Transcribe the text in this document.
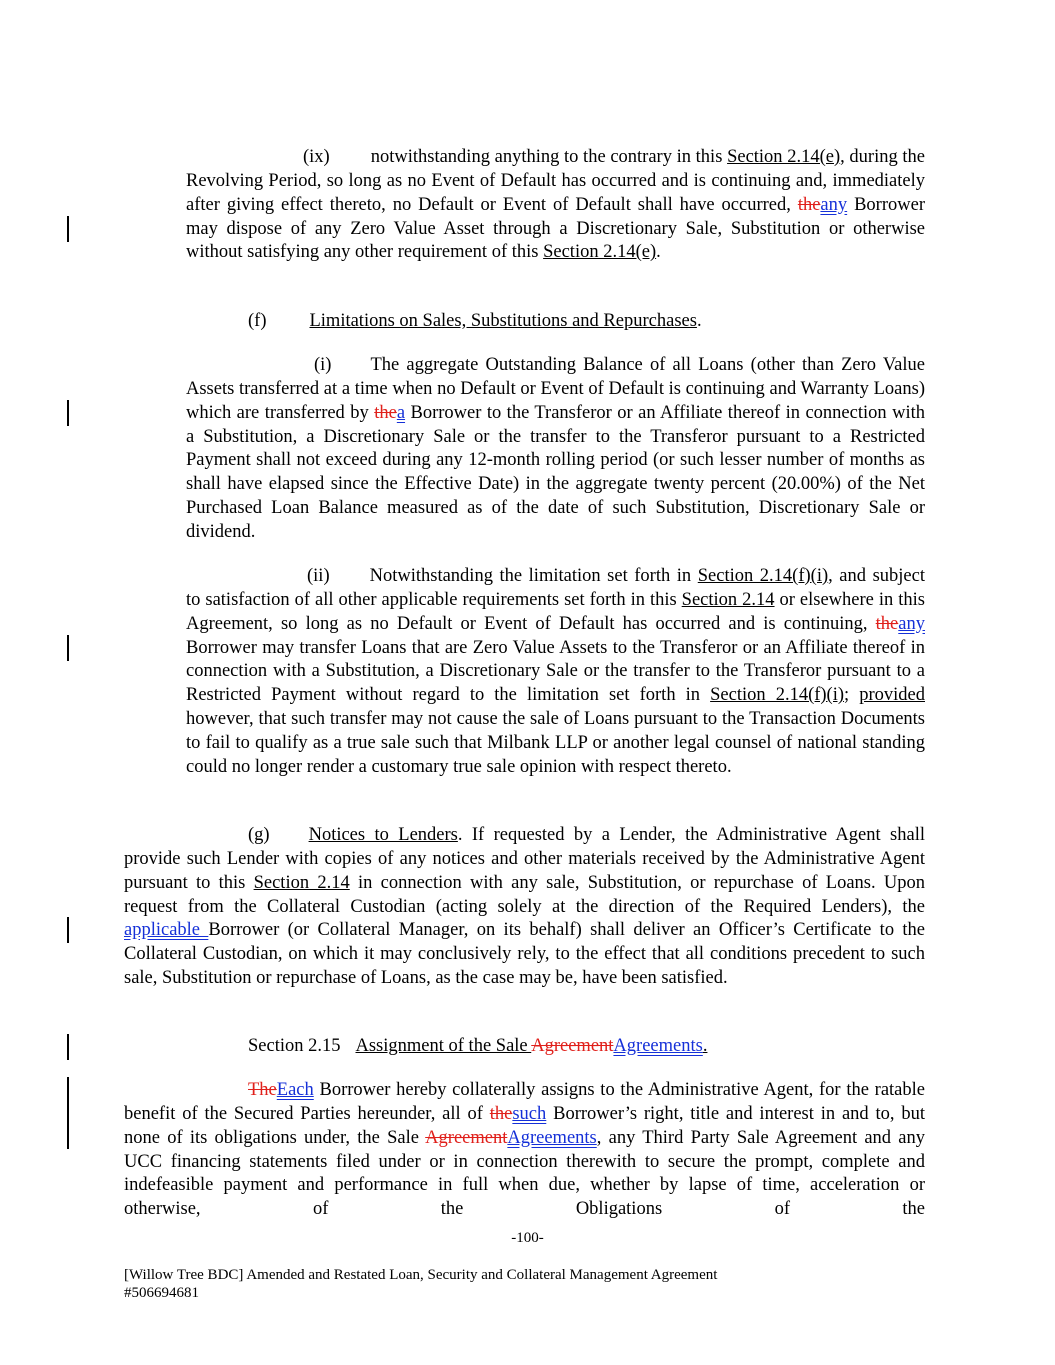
(ix) notwithstanding anything to the contrary in this Section 2.14(e), during the Revolving Period, so long as no Event of Default has occurred and is continuing and, immediately after giving effect thereto, no Default or Event of Default shall have occurred, theany Borrower may dispose of any Zero Value Asset through a Discretionary Sale, Substitution or otherwise without satisfying any other requirement of this Section 2.14(e).
(f) Limitations on Sales, Substitutions and Repurchases.
(i) The aggregate Outstanding Balance of all Loans (other than Zero Value Assets transferred at a time when no Default or Event of Default is continuing and Warranty Loans) which are transferred by thea Borrower to the Transferor or an Affiliate thereof in connection with a Substitution, a Discretionary Sale or the transfer to the Transferor pursuant to a Restricted Payment shall not exceed during any 12-month rolling period (or such lesser number of months as shall have elapsed since the Effective Date) in the aggregate twenty percent (20.00%) of the Net Purchased Loan Balance measured as of the date of such Substitution, Discretionary Sale or dividend.
(ii) Notwithstanding the limitation set forth in Section 2.14(f)(i), and subject to satisfaction of all other applicable requirements set forth in this Section 2.14 or elsewhere in this Agreement, so long as no Default or Event of Default has occurred and is continuing, theany Borrower may transfer Loans that are Zero Value Assets to the Transferor or an Affiliate thereof in connection with a Substitution, a Discretionary Sale or the transfer to the Transferor pursuant to a Restricted Payment without regard to the limitation set forth in Section 2.14(f)(i); provided however, that such transfer may not cause the sale of Loans pursuant to the Transaction Documents to fail to qualify as a true sale such that Milbank LLP or another legal counsel of national standing could no longer render a customary true sale opinion with respect thereto.
(g) Notices to Lenders. If requested by a Lender, the Administrative Agent shall provide such Lender with copies of any notices and other materials received by the Administrative Agent pursuant to this Section 2.14 in connection with any sale, Substitution, or repurchase of Loans. Upon request from the Collateral Custodian (acting solely at the direction of the Required Lenders), the applicable Borrower (or Collateral Manager, on its behalf) shall deliver an Officer’s Certificate to the Collateral Custodian, on which it may conclusively rely, to the effect that all conditions precedent to such sale, Substitution or repurchase of Loans, as the case may be, have been satisfied.
Section 2.15 Assignment of the Sale AgreementAgreements.
TheEach Borrower hereby collaterally assigns to the Administrative Agent, for the ratable benefit of the Secured Parties hereunder, all of thesuch Borrower’s right, title and interest in and to, but none of its obligations under, the Sale AgreementAgreements, any Third Party Sale Agreement and any UCC financing statements filed under or in connection therewith to secure the prompt, complete and indefeasible payment and performance in full when due, whether by lapse of time, acceleration or otherwise, of the Obligations of the
-100-
[Willow Tree BDC] Amended and Restated Loan, Security and Collateral Management Agreement
#506694681
